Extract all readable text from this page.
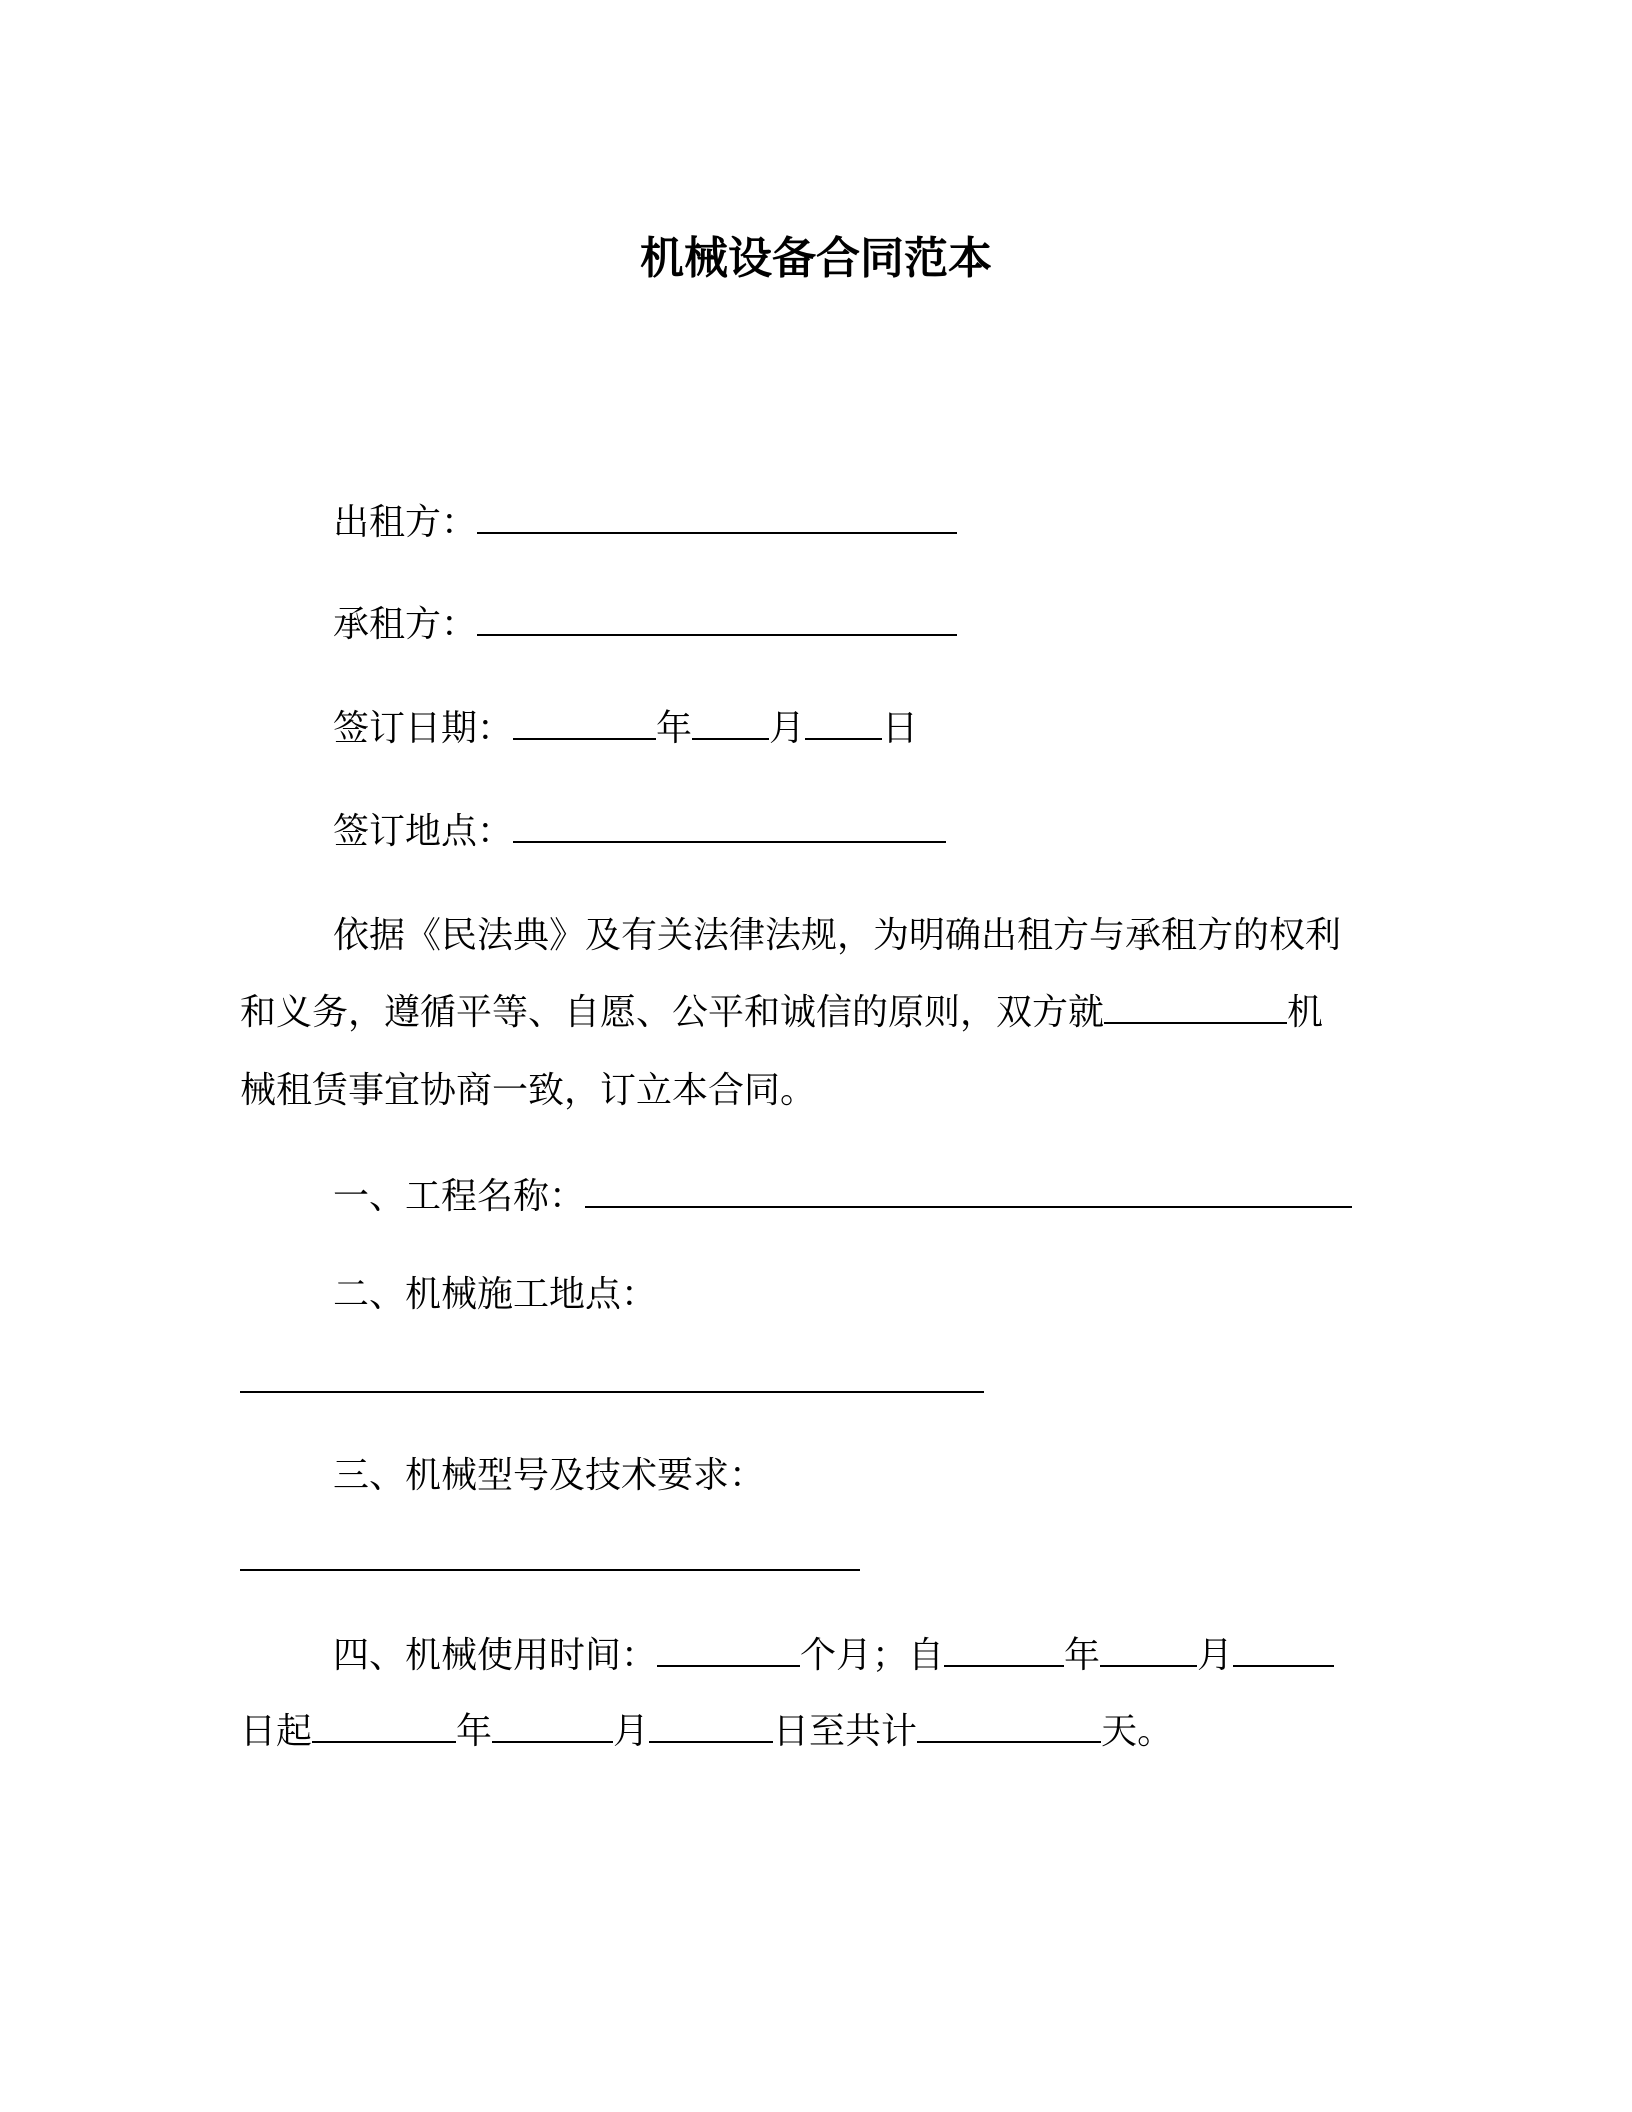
机械设备合同范本
出租方：
承租方：
签订日期：	年 月 日
签订地点：
依据《民法典》及有关法律法规，为明确出租方与承租方的权利
和义务，遵循平等、自愿、公平和诚信的原则，双方就	机
械租赁事宜协商一致，订立本合同。
一、工程名称：
二、机械施工地点：
三、机械型号及技术要求：
四、机械使用时间：	个月；自	年	月
日起	年	月	日至共计	天。
